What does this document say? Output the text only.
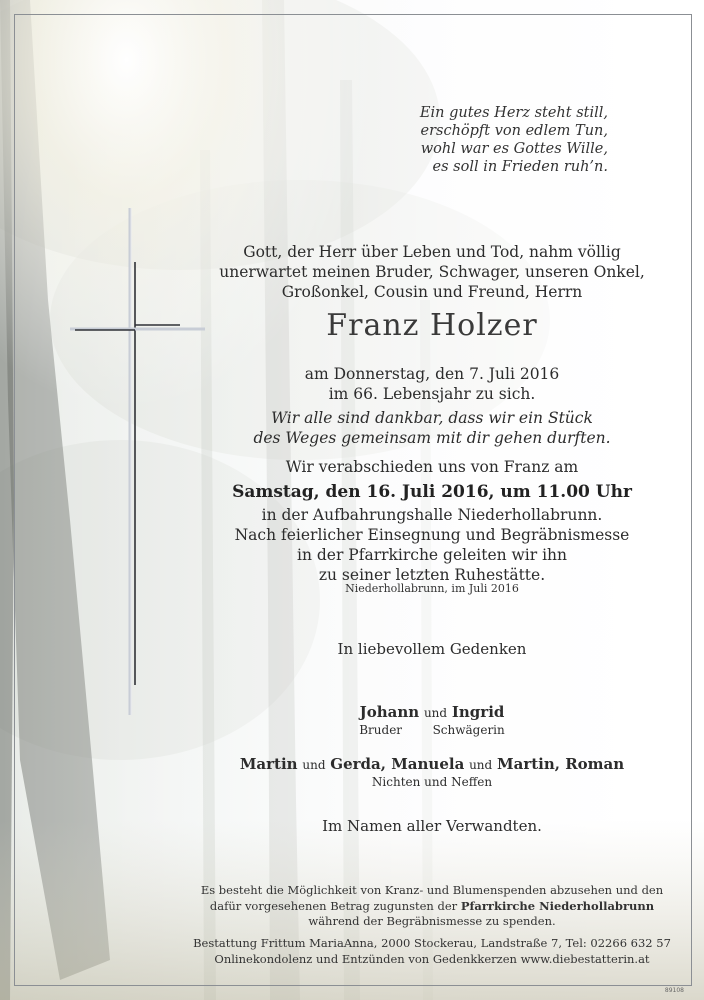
Ein gutes Herz steht still,
erschöpft von edlem Tun,
wohl war es Gottes Wille,
es soll in Frieden ruh’n.
Gott, der Herr über Leben und Tod, nahm völlig
unerwartet meinen Bruder, Schwager, unseren Onkel,
Großonkel, Cousin und Freund, Herrn
Franz Holzer
am Donnerstag, den 7. Juli 2016
im 66. Lebensjahr zu sich.
Wir alle sind dankbar, dass wir ein Stück
des Weges gemeinsam mit dir gehen durften.
Wir verabschieden uns von Franz am
Samstag, den 16. Juli 2016, um 11.00 Uhr
in der Aufbahrungshalle Niederhollabrunn.
Nach feierlicher Einsegnung und Begräbnismesse
in der Pfarrkirche geleiten wir ihn
zu seiner letzten Ruhestätte.
Niederhollabrunn, im Juli 2016
In liebevollem Gedenken
Johann und Ingrid
Bruder	Schwägerin
Martin und Gerda, Manuela und Martin, Roman
Nichten und Neffen
Im Namen aller Verwandten.
Es besteht die Möglichkeit von Kranz- und Blumenspenden abzusehen und den
dafür vorgesehenen Betrag zugunsten der Pfarrkirche Niederhollabrunn
während der Begräbnismesse zu spenden.
Bestattung Frittum MariaAnna, 2000 Stockerau, Landstraße 7, Tel: 02266 632 57
Onlinekondolenz und Entzünden von Gedenkkerzen www.diebestatterin.at
89108
